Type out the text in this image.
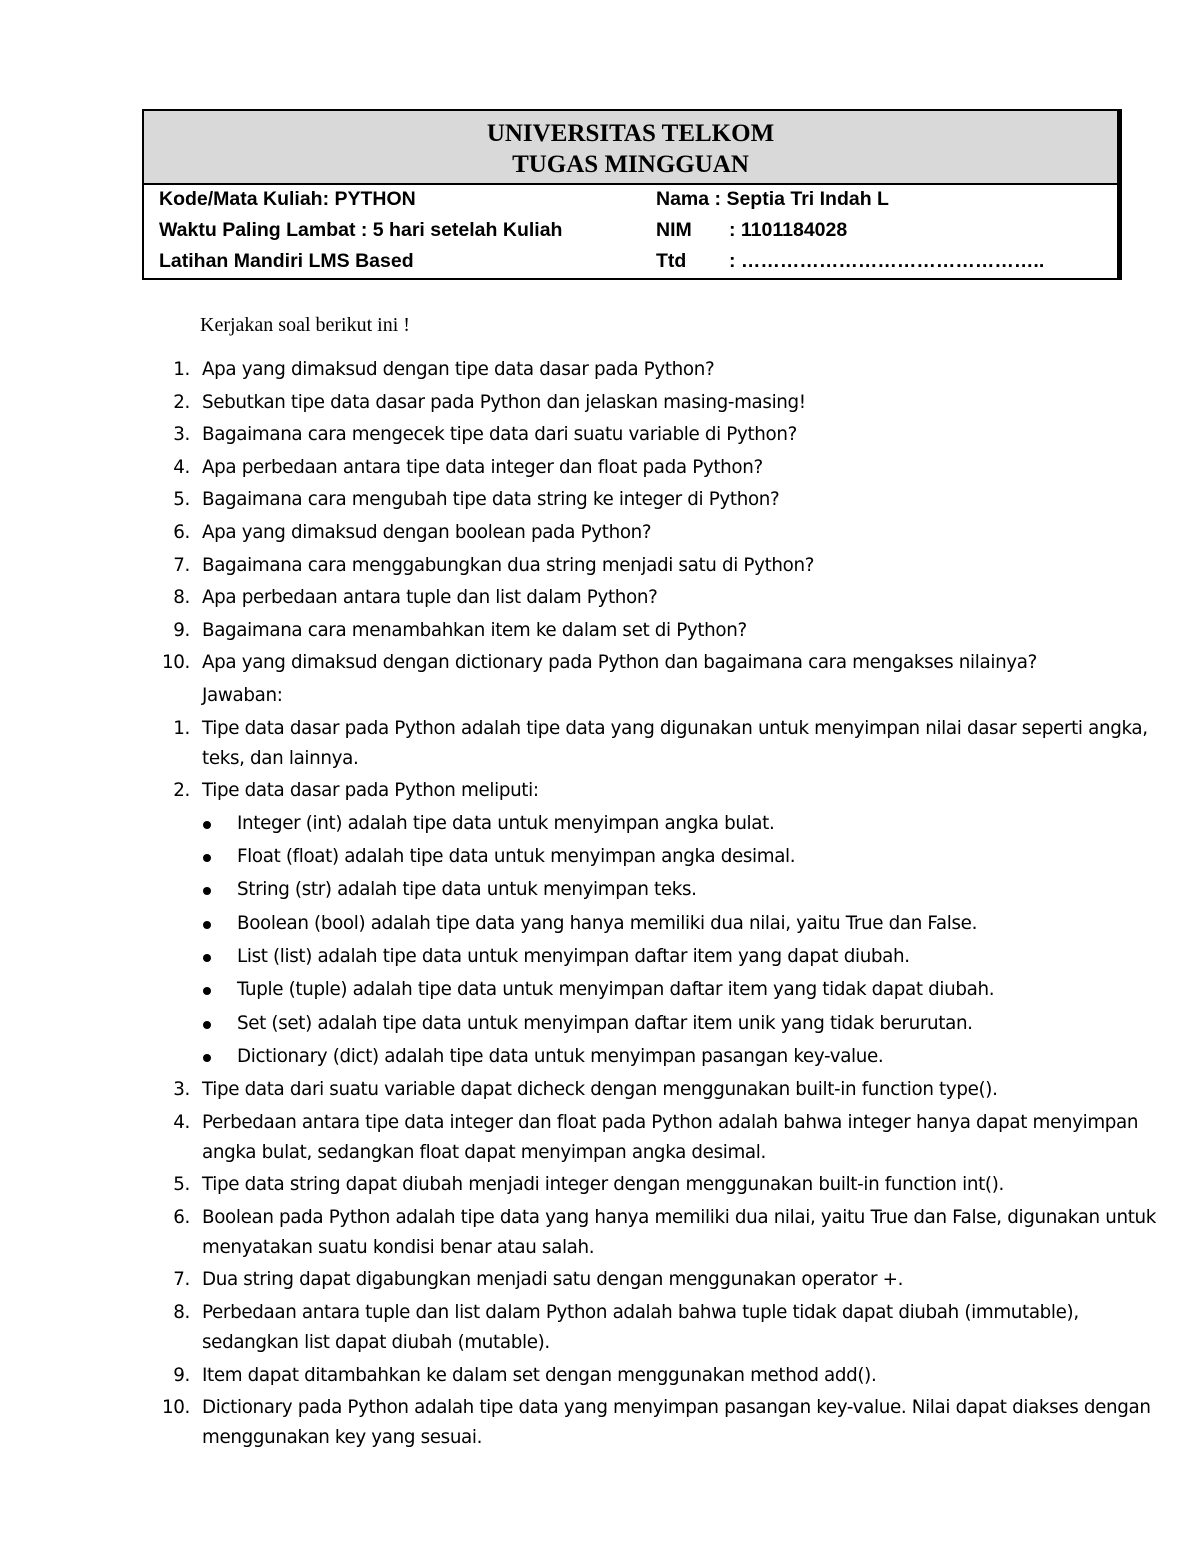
UNIVERSITAS TELKOM
TUGAS MINGGUAN
Kode/Mata Kuliah: PYTHON	Nama : Septia Tri Indah L
Waktu Paling Lambat : 5 hari setelah Kuliah	NIM : 1101184028
Latihan Mandiri LMS Based	Ttd : ………………………………………..
Kerjakan soal berikut ini !
1. Apa yang dimaksud dengan tipe data dasar pada Python?
2. Sebutkan tipe data dasar pada Python dan jelaskan masing-masing!
3. Bagaimana cara mengecek tipe data dari suatu variable di Python?
4. Apa perbedaan antara tipe data integer dan float pada Python?
5. Bagaimana cara mengubah tipe data string ke integer di Python?
6. Apa yang dimaksud dengan boolean pada Python?
7. Bagaimana cara menggabungkan dua string menjadi satu di Python?
8. Apa perbedaan antara tuple dan list dalam Python?
9. Bagaimana cara menambahkan item ke dalam set di Python?
10. Apa yang dimaksud dengan dictionary pada Python dan bagaimana cara mengakses nilainya?
Jawaban:
1. Tipe data dasar pada Python adalah tipe data yang digunakan untuk menyimpan nilai dasar seperti angka, teks, dan lainnya.
2. Tipe data dasar pada Python meliputi:
Integer (int) adalah tipe data untuk menyimpan angka bulat.
Float (float) adalah tipe data untuk menyimpan angka desimal.
String (str) adalah tipe data untuk menyimpan teks.
Boolean (bool) adalah tipe data yang hanya memiliki dua nilai, yaitu True dan False.
List (list) adalah tipe data untuk menyimpan daftar item yang dapat diubah.
Tuple (tuple) adalah tipe data untuk menyimpan daftar item yang tidak dapat diubah.
Set (set) adalah tipe data untuk menyimpan daftar item unik yang tidak berurutan.
Dictionary (dict) adalah tipe data untuk menyimpan pasangan key-value.
3. Tipe data dari suatu variable dapat dicheck dengan menggunakan built-in function type().
4. Perbedaan antara tipe data integer dan float pada Python adalah bahwa integer hanya dapat menyimpan angka bulat, sedangkan float dapat menyimpan angka desimal.
5. Tipe data string dapat diubah menjadi integer dengan menggunakan built-in function int().
6. Boolean pada Python adalah tipe data yang hanya memiliki dua nilai, yaitu True dan False, digunakan untuk menyatakan suatu kondisi benar atau salah.
7. Dua string dapat digabungkan menjadi satu dengan menggunakan operator +.
8. Perbedaan antara tuple dan list dalam Python adalah bahwa tuple tidak dapat diubah (immutable), sedangkan list dapat diubah (mutable).
9. Item dapat ditambahkan ke dalam set dengan menggunakan method add().
10. Dictionary pada Python adalah tipe data yang menyimpan pasangan key-value. Nilai dapat diakses dengan menggunakan key yang sesuai.
